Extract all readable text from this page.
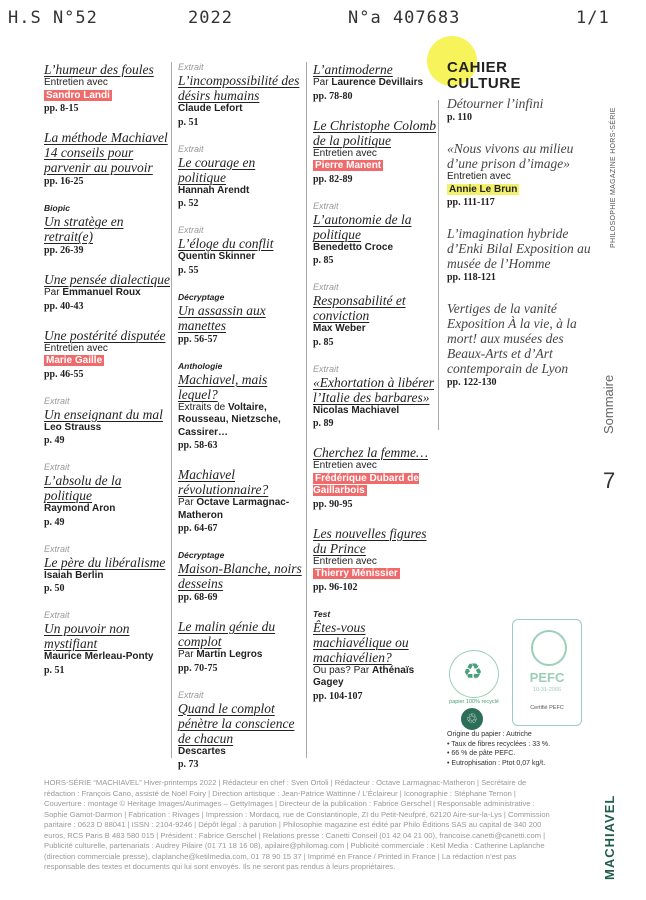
H.S N°52	2022	N°a 407683	1/1
L’humeur des foules
Entretien avec
Sandro Landi
pp. 8-15
La méthode Machiavel 14 conseils pour parvenir au pouvoir
pp. 16-25
Biopic
Un stratège en retrait(e)
pp. 26-39
Une pensée dialectique
Par Emmanuel Roux
pp. 40-43
Une postérité disputée
Entretien avec
Marie Gaille
pp. 46-55
Extrait
Un enseignant du mal
Leo Strauss
p. 49
Extrait
L’absolu de la politique
Raymond Aron
p. 49
Extrait
Le père du libéralisme
Isaiah Berlin
p. 50
Extrait
Un pouvoir non mystifiant
Maurice Merleau-Ponty
p. 51
Extrait
L’incompossibilité des désirs humains
Claude Lefort
p. 51
Extrait
Le courage en politique
Hannah Arendt
p. 52
Extrait
L’éloge du conflit
Quentin Skinner
p. 55
Décryptage
Un assassin aux manettes
pp. 56-57
Anthologie
Machiavel, mais lequel?
Extraits de Voltaire, Rousseau, Nietzsche, Cassirer…
pp. 58-63
Machiavel révolutionnaire?
Par Octave Larmagnac-Matheron
pp. 64-67
Décryptage
Maison-Blanche, noirs desseins
pp. 68-69
Le malin génie du complot
Par Martin Legros
pp. 70-75
Extrait
Quand le complot pénètre la conscience de chacun
Descartes
p. 73
L’antimoderne
Par Laurence Devillairs
pp. 78-80
Le Christophe Colomb de la politique
Entretien avec
Pierre Manent
pp. 82-89
Extrait
L’autonomie de la politique
Benedetto Croce
p. 85
Extrait
Responsabilité et conviction
Max Weber
p. 85
Extrait
«Exhortation à libérer l’Italie des barbares»
Nicolas Machiavel
p. 89
Cherchez la femme…
Entretien avec
Frédérique Dubard de Gaillarbois
pp. 90-95
Les nouvelles figures du Prince
Entretien avec
Thierry Ménissier
pp. 96-102
Test
Êtes-vous machiavélique ou machiavélien?
Ou pas? Par Athénaïs Gagey
pp. 104-107
CAHIER CULTURE
Détourner l’infini
p. 110
«Nous vivons au milieu d’une prison d’image»
Entretien avec
Annie Le Brun
pp. 111-117
L’imagination hybride d’Enki Bilal Exposition au musée de l’Homme
pp. 118-121
Vertiges de la vanité Exposition À la vie, à la mort! aux musées des Beaux-Arts et d’Art contemporain de Lyon
pp. 122-130
PHILOSOPHIE MAGAZINE HORS-SÉRIE
Sommaire
7
MACHIAVEL
♻
papier 100% recyclé
♲
PEFC
10-31-2066
Certifié PEFC
Origine du papier : Autriche
• Taux de fibres recyclées : 33 %.
• 66 % de pâte PEFC.
• Eutrophisation : Ptot 0,07 kg/t.
HORS-SÉRIE “MACHIAVEL” Hiver-printemps 2022 | Rédacteur en chef : Sven Ortoli | Rédacteur : Octave Larmagnac-Matheron | Secrétaire de rédaction : François Cano, assisté de Noël Foiry | Direction artistique : Jean-Patrice Wattinne / L’Éclaireur | Iconographie : Stéphane Ternon | Couverture : montage © Heritage Images/Aurimages – GettyImages | Directeur de la publication : Fabrice Gerschel | Responsable administrative : Sophie Gamot-Darmon | Fabrication : Rivages | Impression : Mordacq, rue de Constantinople, ZI du Petit-Neufpré, 62120 Aire-sur-la-Lys | Commission paritaire : 0623 D 88041 | ISSN : 2104-9246 | Dépôt légal : à parution | Philosophie magazine est édité par Philo Éditions SAS au capital de 340 200 euros, RCS Paris B 483 580 015 | Président : Fabrice Gerschel | Relations presse : Canetti Conseil (01 42 04 21 00), francoise.canetti@canetti.com | Publicité culturelle, partenariats : Audrey Pilaire (01 71 18 16 08), apilaire@philomag.com | Publicité commerciale : Ketil Media : Catherine Laplanche (direction commerciale presse), claplanche@ketilmedia.com, 01 78 90 15 37 | Imprimé en France / Printed in France | La rédaction n’est pas responsable des textes et documents qui lui sont envoyés. Ils ne seront pas rendus à leurs propriétaires.
